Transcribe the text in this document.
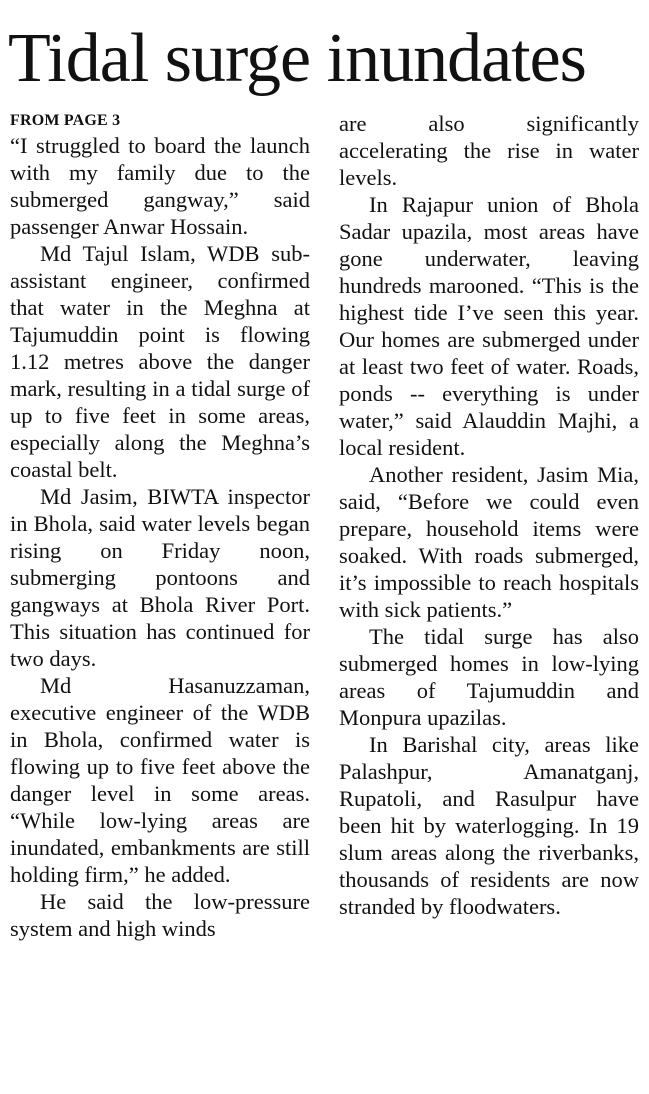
Tidal surge inundates
FROM PAGE 3

“I struggled to board the launch with my family due to the submerged gangway,” said passenger Anwar Hossain.

Md Tajul Islam, WDB sub-assistant engineer, confirmed that water in the Meghna at Tajumuddin point is flowing 1.12 metres above the danger mark, resulting in a tidal surge of up to five feet in some areas, especially along the Meghna’s coastal belt.

Md Jasim, BIWTA inspector in Bhola, said water levels began rising on Friday noon, submerging pontoons and gangways at Bhola River Port. This situation has continued for two days.

Md Hasanuzzaman, executive engineer of the WDB in Bhola, confirmed water is flowing up to five feet above the danger level in some areas. “While low-lying areas are inundated, embankments are still holding firm,” he added.

He said the low-pressure system and high winds

are also significantly accelerating the rise in water levels.

In Rajapur union of Bhola Sadar upazila, most areas have gone underwater, leaving hundreds marooned. “This is the highest tide I’ve seen this year. Our homes are submerged under at least two feet of water. Roads, ponds -- everything is under water,” said Alauddin Majhi, a local resident.

Another resident, Jasim Mia, said, “Before we could even prepare, household items were soaked. With roads submerged, it’s impossible to reach hospitals with sick patients.”

The tidal surge has also submerged homes in low-lying areas of Tajumuddin and Monpura upazilas.

In Barishal city, areas like Palashpur, Amanatganj, Rupatoli, and Rasulpur have been hit by waterlogging. In 19 slum areas along the riverbanks, thousands of residents are now stranded by floodwaters.
